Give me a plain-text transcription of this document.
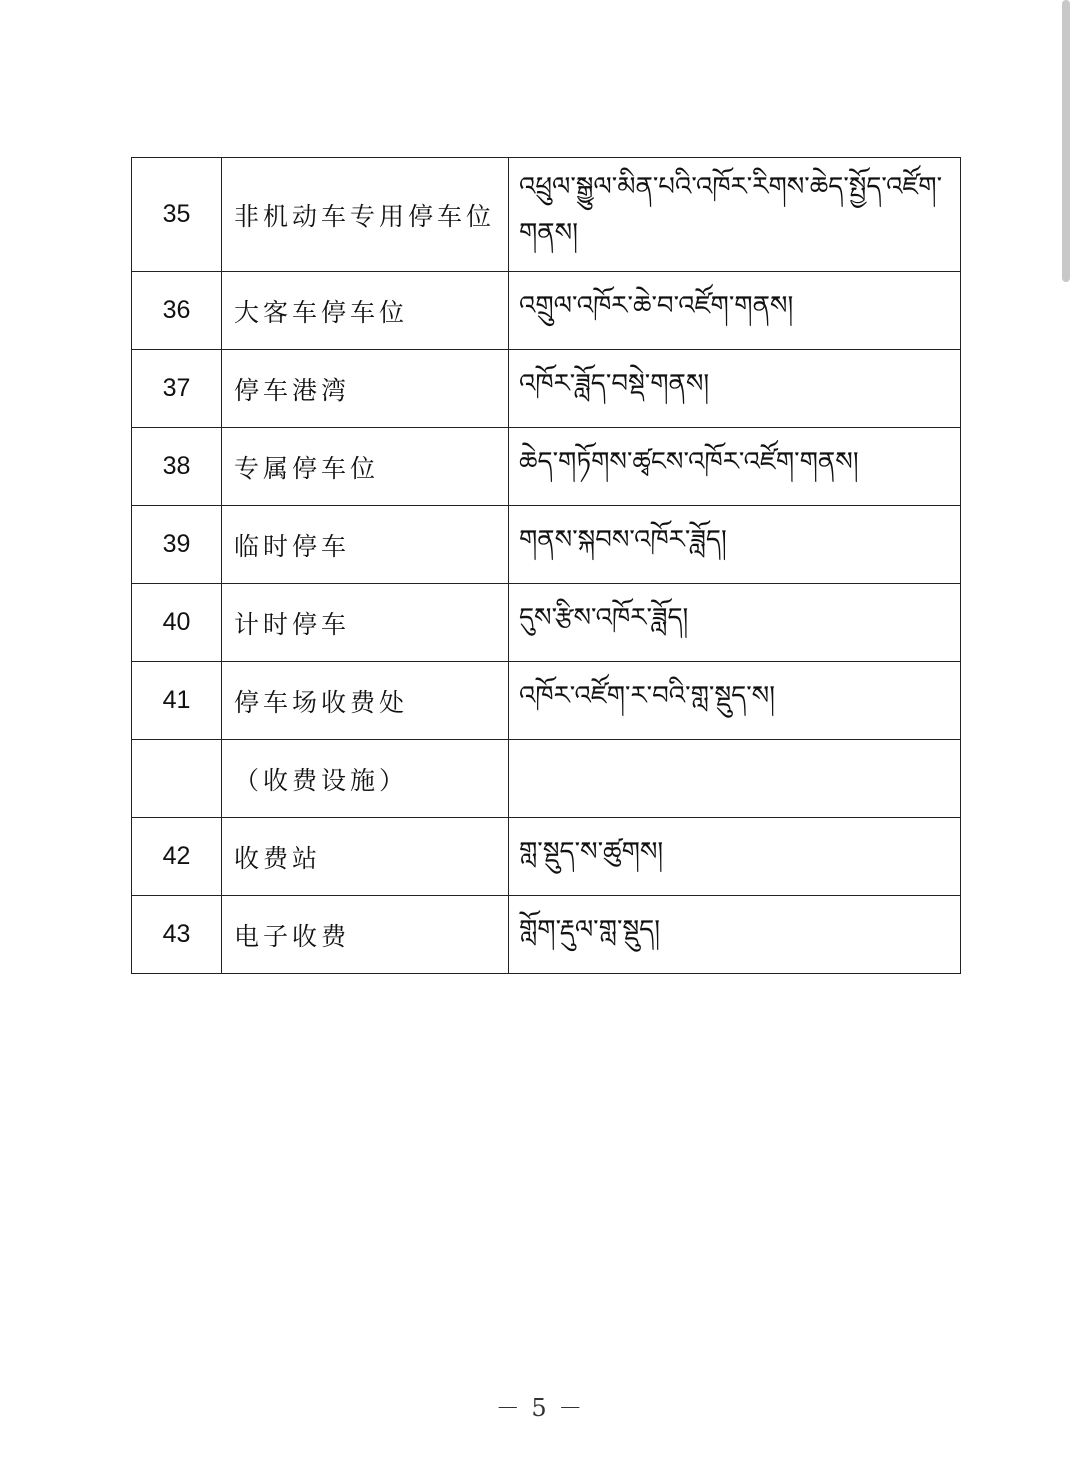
35	非机动车专用停车位	འཕྲུལ་སྒྱུལ་མིན་པའི་འཁོར་རིགས་ཆེད་སྤྱོད་འཛོག་གནས།
36	大客车停车位	འགྲུལ་འཁོར་ཆེ་བ་འཛོག་གནས།
37	停车港湾	འཁོར་ཟློད་བསྡེ་གནས།
38	专属停车位	ཆེད་གཏོགས་ཚྭངས་འཁོར་འཛོག་གནས།
39	临时停车	གནས་སྐབས་འཁོར་ཟློད།
40	计时停车	དུས་རྩིས་འཁོར་ཟློད།
41	停车场收费处	འཁོར་འཛོག་ར་བའི་གླ་སྡུད་ས།
	（收费设施）	
42	收费站	གླ་སྡུད་ས་ཚུགས།
43	电子收费	གློག་རྡུལ་གླ་སྡུད།
－ 5 －
